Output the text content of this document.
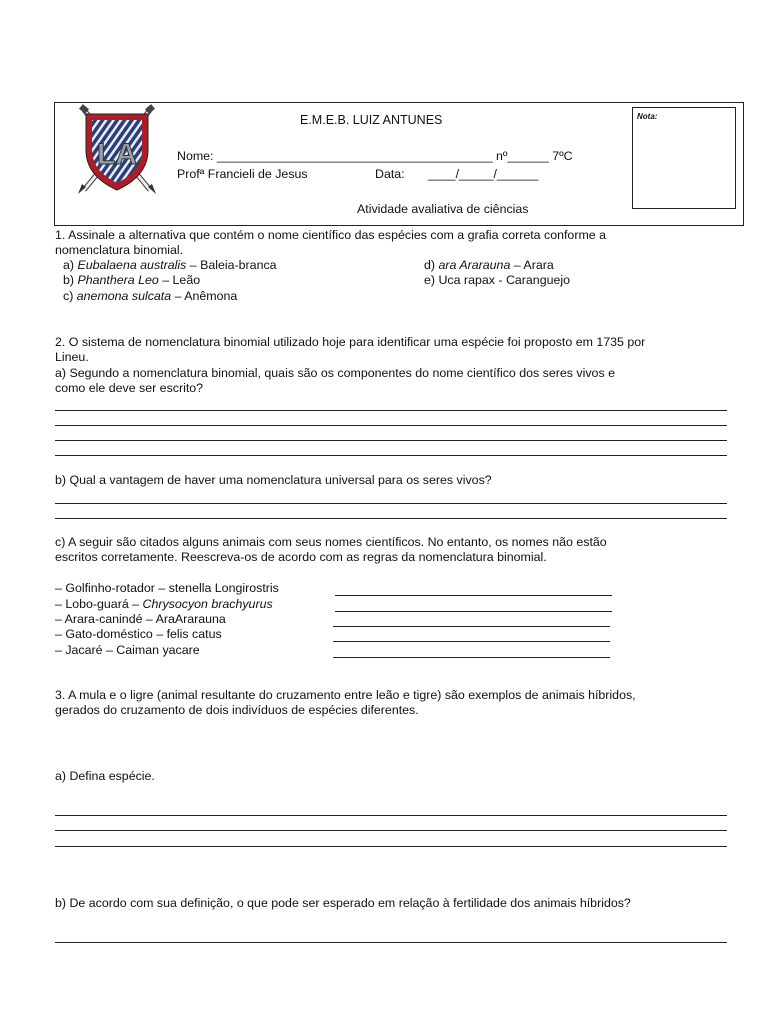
LA
E.M.E.B. LUIZ ANTUNES
Nome: ________________________________________ nº______ 7ºC
Profª Francieli de Jesus	Data: ____/_____/______
Atividade avaliativa de ciências
Nota:
1. Assinale a alternativa que contém o nome científico das espécies com a grafia correta conforme a
nomenclatura binomial.
a) Eubalaena australis – Baleia-branca
b) Phanthera Leo – Leão
c) anemona sulcata – Anêmona
d) ara Ararauna – Arara
e) Uca rapax - Caranguejo
2. O sistema de nomenclatura binomial utilizado hoje para identificar uma espécie foi proposto em 1735 por
Lineu.
a) Segundo a nomenclatura binomial, quais são os componentes do nome científico dos seres vivos e
como ele deve ser escrito?
b) Qual a vantagem de haver uma nomenclatura universal para os seres vivos?
c) A seguir são citados alguns animais com seus nomes científicos. No entanto, os nomes não estão
escritos corretamente. Reescreva-os de acordo com as regras da nomenclatura binomial.
– Golfinho-rotador – stenella Longirostris
– Lobo-guará – Chrysocyon brachyurus
– Arara-canindé – AraArarauna
– Gato-doméstico – felis catus
– Jacaré – Caiman yacare
3. A mula e o ligre (animal resultante do cruzamento entre leão e tigre) são exemplos de animais híbridos,
gerados do cruzamento de dois indivíduos de espécies diferentes.
a) Defina espécie.
b) De acordo com sua definição, o que pode ser esperado em relação à fertilidade dos animais híbridos?
